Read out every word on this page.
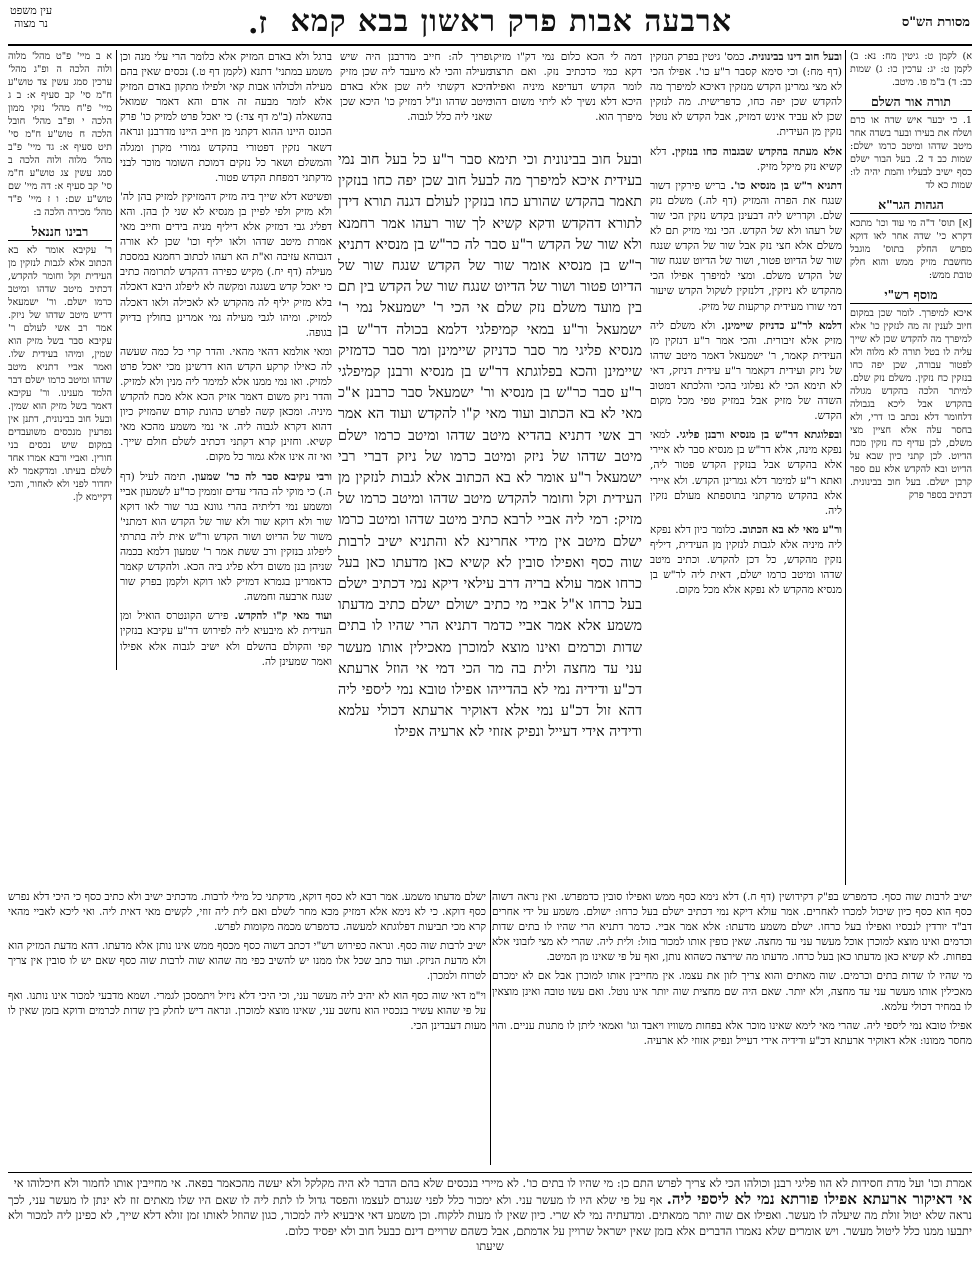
מסורת הש"ס
ארבעה אבות פרק ראשון בבא קמא
ז.
עין משפט
נר מצוה

א) לקמן ט: גיטין מח: נא: ב) לקמן ט: יג: ערכין כו: ג) שמות כב: ד) ב"מ פו. מיטב.

תורה אור השלם

1. כי יבער איש שדה או כרם ושלח את בעירו ובער בשדה אחר מיטב שדהו ומיטב כרמו ישלם: שמות כב ד 2. בעל הבור ישלם כסף ישיב לבעליו והמת יהיה לו: שמות כא לד

הגהות הגר"א

[א] תוס' ד"ה מי עוד וכו' מתכא דקרא כי' שדה אחר לאו דוקא מפרש החלק בתוס' מוגבל מחשבת מזיק ממש והוא חלק טובת ממש:

מוסף רש"י

איכא למיפרך. לומר שכן במקום חיוב לענין זה מה לנזקין כו' אלא למיפרך מה להקדש שכן לא שייך עליה לו בטל תורה לא מלוה ולא לפטור עבורה, שכן יפה כחו בנזקין כח נזקין. משלם נזק שלם. למיתר הלכה בהקדש מגולה בהקדש אבל ליכא בגבולה דלחומר דלא נכתב בו דרי, ולא בחסר עלה אלא חציין מצי משלם, לכן עדיף כח נזקין מכח הדיוט. לכן קתני כיון שבא על הדיוט ובא להקדש אלא עם ספר קרבן ישלם. בעל חוב בבינונית. דכתיב בספר פרק

א ב מיי' פ"ט מהל' מלוה ולוה הלכה ה ופ"ג מהל' ערכין סמג עשין צד טוש"ע ח"מ סי' קב סעיף א: ב ג מיי' פ"ח מהל' נזקי ממון הלכה י ופ"ב מהל' חובל הלכה ח טוש"ע ח"מ סי' תיט סעיף א: גד מיי' פ"ב מהל' מלוה ולוה הלכה ב סמג עשין צג טוש"ע ח"מ סי' קב סעיף א: דה מיי' שם טוש"ע שם: ו ז מיי' פ"ד מהל' מכירה הלכה ב:

רבינו חננאל

ר' עקיבא אומר לא בא הכתוב אלא לגבות לנזקין מן העידית וקל וחומר להקדש, דכתיב מיטב שדהו ומיטב כרמו ישלם. ור' ישמעאל דריש מיטב שדהו של ניזק. אמר רב אשי לעולם ר' עקיבא סבר בשל מזיק הוא שמין, ומיהו בעידית שלו. ואמר אביי דתניא מיטב שדהו ומיטב כרמו ישלם דבר הלמד מענינו. ור' עקיבא דאמר בשל מזיק הוא שמין. ובעל חוב בבינונית, דתנן אין נפרעין מנכסים משועבדים במקום שיש נכסים בני חורין. ואביי ורבא אמרו אחד לשלם בעיתו. ומדקאמר לא יחדור לפני ולא לאחור, והכי דקיימא לן.

ובעל חוב דינו בבינונית. כמס' גיטין בפרק הנזקין (דף מח:) וכי סימא קסבר ר"ע כו'. אפילו הכי לא מצי גמרינן הקדש מנזקין דאיכא למיפרך מה להקדש שכן יפה כחו, כדפרישית. מה לנזקין שכן לא עביד אינש דמזיק, אבל הקדש לא נוטל נזקין מן העידית.

אלא מעתה בהקדש שבגבוה כחו בנזקין. דלא קשיא נזק מיקל מזיק.

דתניא ר"ש בן מנסיא כו'. בריש פירקין דשור שנגח את הפרה והמזיק (דף לה.) משלם נזק שלם. וקדריש ליה דבעינן בקדש נזקין הכי שור של רעהו ולא של הקדש. הכי נמי מזיק תם לא משלם אלא חצי נזק אבל שור של הקדש שנגח שור של הדיוט פטור, ושור של הדיוט שנגח שור של הקדש משלם. ומצי למיפרך אפילו הכי מהקדש לא ניזקין, דלנזקין לשקול הקדש שיעור דמי שורו מעידית קרקעות של מזיק.

דלמא לר"ע כדניזק שיימינן. ולא משלם ליה מזיק אלא זיבורית. והכי אמר ר"ע דנזקין מן העידית קאמר, ר' ישמעאל דאמר מיטב שדהו של ניזק ועידית דקאמר ר"ע עידית דניזק, דאי לא תימא הכי לא נפלוגי בהכי והלכתא דמטוב השדה של מזיק אבל במזיק טפי מכל מקום הקדש.

ובפלוגתא דר"ש בן מנסיא ורבנן פליגי. למאי נפקא מינה, אלא דר"ש בן מנסיא סבר לא איירי אלא בהקדש אבל בנזקין הקדש פטור ליה, ואתא ר"ע למימר דלא גמרינן הקדש. ולא איירי אלא בהקדש מדקתני בתוספתא מעולם נזקין ליה.

ור"ע מאי לא בא הכתוב. כלומר כיון דלא נפקא ליה מיניה אלא לגבות לנזקין מן העידית, דיליף נזקין מהקדש, כל דכן להקדש. וכתיב מיטב שדהו ומיטב כרמו ישלם, דאית ליה לר"ש בן מנסיא מהקדש לא נפקא אלא מכל מקום.

ברגל ולא באדם המזיק אלא כלומר הרי עלי מנה וכן משמע במתני' דתנא (לקמן דף ט.) נכסים שאין בהם מעילה ולכולהו אבות קאי ולפילו מתקון באדם המזיק אלא לומר מבעה זה אדם והא דאמר שמואל בהשאלה (ב"מ דף צד:) כי יאכל פרט למזיק כו' פרק הכונס היינו ההוא דקתני מן חייב היינו מדרבנן ונראה דשאר נזקין דפטורי בהקדש גמורי מקרן ומגלה והמשלם ושאר כל נזקים דמוכת השומר מוכר לבני מדקתני דמפחת הקדש פטור.

ופשיטא דלא שייך ביה מזיק דהמזיקין למזיק בהן לה' ולא מזיק ולפי לפיין בן מנסיא לא שני לן בהן. והא דפליג גבי דמזיק אלא דיליף מניה בידים וחייב מאי אמרת מיטב שדהו ולאו יליף וכו' שכן לא אורה דגבוהא עזיבה וא"ת הא רעהו לכתוב רחמנא במסכת מעילה (דף יח.) מקיש כפירה דהקדש לתרומה כתיב כי יאכל קדש בשגגה ומקשה לא ליפלוג היבא דאכלה בלא מזיק יליף לה מהקדש לא לאכילה ולאו דאכלה למזיק. ומיהו לגבי מעילה נמי אמרינן בחולין בדיוק בגופה.

ומאי אולמא דהאי מהאי. והדר קרי כל כמה שעשה לה כאילו קרקע הקדש הוא דרשינן מכי יאכל פרט למזיק. ואו נמי ממנו אלא למימר ליה מנין ולא למזיק. והדר ניזק משום דאמר אזיק הכא אלא מכח להקדש מיניה. ומכאן קשה לפרש כהונת קודם שהמזיק כיון דהוא דקרא לגבוה ליה. אי נמי משמע מהכא מאי קשיא. וחזינן קרא דקתני דכתיב לשלם חולם שייך. ואי זה אינו אלא גמור כל מקום.

ורבי עקיבא סבר לה כר' שמעון. תימה לעיל (דף ה.) כי מוקי לה בהדי עדים זוממין כר"ע לשמעון אביי ומשמע נמי דליתיה בהרי גוונא בגר שור לאו דוקא שור ולא דוקא שור ולא שור של הקדש הוא דמתני' משור של הדיוט ושור הקדש ור"ש אית ליה בתרתי ליפלוג בנזקין ורב ששת אמר ר' שמעון דלמא בכמה שניהן בנן משום דלא פליג ביה הכא. ולהקדש קאמר כדאמרינן בגמרא דמזיק לאו דוקא ולקמן בפרק שור שנגח ארבעה וחמשה.

ועוד מאי ק"ו להקדש. פירש הקונטרס הואיל ומן העידית לא מיבעיא ליה לפירוש דר"ע עקיבא בנזקין קפי והקולם בהשלם ולא ישיב לגבוה אלא אפילו ואמר שמעינן לה.

דמה לי הכא כלום נמי דק"ו מזיק. דקא כמי כדכתיב נזק. ואם תרצה לומר הקדש דעדיפא מיניה ואפילו היכא דלא נשיך לא ליתי משום דהוי מיפרך הוא.
ופריך לה: חייב מדרבנן היה שיש מעילה והכי לא מיעבד ליה שכן מזיק היכא דקשתי ליה שכן אלא באדם מיטב שדהו ונ"ל דמזיק כו' היכא שכן שאני ליה כלל לגבוה.
ובעל חוב בבינונית וכי תימא סבר ר"ע כל בעל חוב נמי בעידית איכא למיפרך מה לבעל חוב שכן יפה כחו בנזקין תאמר בהקדש שהורע כחו בנזקין לעולם דגנה תורא דידן לתורא דהקדש ודקא קשיא לך שור רעהו אמר רחמנא ולא שור של הקדש ר"ע סבר לה כר"ש בן מנסיא דתניא ר"ש בן מנסיא אומר שור של הקדש שנגח שור של הדיוט פטור ושור של הדיוט שנגח שור של הקדש בין תם בין מועד משלם נזק שלם אי הכי ר' ישמעאל נמי ר' ישמעאל ור"ע במאי קמיפלגי דלמא בכולה דר"ש בן מנסיא פליגי מר סבר כדניזק שיימינן ומר סבר כדמזיק שיימינן והכא בפלוגתא דר"ש בן מנסיא ורבנן קמיפלגי ר"ע סבר כר"ש בן מנסיא ור' ישמעאל סבר כרבנן א"כ מאי לא בא הכתוב ועוד מאי ק"ו להקדש ועוד הא אמר רב אשי דתניא בהדיא מיטב שדהו ומיטב כרמו ישלם מיטב שדהו של ניזק ומיטב כרמו של ניזק דברי רבי ישמעאל ר"ע אומר לא בא הכתוב אלא לגבות לנזקין מן העידית וקל וחומר להקדש מיטב שדהו ומיטב כרמו של מזיק: רמי ליה אביי לרבא כתיב מיטב שדהו ומיטב כרמו ישלם מיטב אין מידי אחרינא לא והתניא ישיב לרבות שוה כסף ואפילו סובין לא קשיא כאן מדעתו כאן בעל כרחו אמר עולא בריה דרב עילאי דיקא נמי דכתיב ישלם בעל כרחו א"ל אביי מי כתיב ישולם ישלם כתיב מדעתו משמע אלא אמר אביי כדמר דתניא הרי שהיו לו בתים שדות וכרמים ואינו מוצא למוכרן מאכילין אותו מעשר עני עד מחצה ולית בה מר הכי דמי אי הוזל ארעתא דכ"ע ודידיה נמי לא בהדייהו אפילו טובא נמי ליספי ליה דהא זול דכ"ע נמי אלא דאוקיר ארעתא דכולי עלמא ודידיה אידי דעייל ונפיק אזוזי לא ארעיה אפילו

ישיב לרבות שוה כסף. כדמפרש בפ"ק דקידושין (דף ח.) דלא נימא כסף ממש ואפילו סובין כדמפרש. ואין נראה דשוה כסף הוא כסף כיון שיכול למכרו לאחרים. אמר עולא דיקא נמי דכתיב ישלם בעל כרחו: ישולם. משמע על ידי אחרים דב"ד יורדין לנכסיו ואפילו בעל כרחו. ישלם משמע מדעתו: אלא אמר אביי. כדמר דתניא הרי שהיו לו בתים שדות וכרמים ואינו מוצא למוכרן אוכל מעשר עני עד מחצה. שאין כופין אותו למכור בזול: ולית ליה. שהרי לא מצי לזבוני אלא בפחות. לא קשיא כאן מדעתו כאן בעל כרחו. מדעתו מה שירצה כשהוא נותן, ואף על פי שאינו מן המיטב.

מי שהיו לו שדות בתים וכרמים. שוה מאתים והוא צריך לזון את עצמו. אין מחייבין אותו למוכרן אבל אם לא ימכרם מאכילין אותו מעשר עני עד מחצה, ולא יותר. שאם היה שם מחצית שוה יותר אינו נוטל. ואם עשו טובה ואינן מוצאין לו במחיר דכולי עלמא.

אפילו טובא נמי ליספי ליה. שהרי מאי לימא שאינו מוכר אלא בפחות משוויו ויאבד וגו' ואמאי ליתן לו מתנות עניים. והוי מחסר ממונו: אלא דאוקיר ארעתא דכ"ע ודידיה אידי דעייל ונפיק אזוזי לא ארעיה.

ישלם מדעתו משמע. אמר רבא לא כסף דוקא, מדקתני כל מילי לרבות. מדכתיב ישיב ולא כתיב כסף כי היכי דלא נפרש כסף דוקא. כי לא נימא אלא דמזיק מכא מחר לשלם ואם לית ליה זוזי, לקשים מאי דאית ליה. ואי ליכא לאביי מהאי קרא מכי תביעות דפלוגתא למעשה. כדמפרש מכמה מקומות לפרש.

ישיב לרבות שוה כסף. ונראה כפירוש רש"י דכתב דשוה כסף מכסף ממש אינו נותן אלא מדעתו. דהא מדעת המזיק הוא ולא מדעת הניזק. ועוד כתב שכל אלו ממנו יש להשיב כפי מה שהוא שוה לרבות שוה כסף שאם יש לו סובין אין צריך לטרוח ולמכרן.

וי"מ דאי שוה כסף הוא לא יהיב ליה מעשר עני, וכי היכי דלא ניזיל ויתמסכן לגמרי. ושמא מדבעי למכור אינו נותנו. ואף על פי שהוא עשיר בנכסיו הוא נחשב עני, שאינו מוצא למוכרן. ונראה דיש לחלק בין שדות לכרמים ודוקא בזמן שאין לו מעות דעבדינן הכי.

אמרת וכו' ועל מדת חסידות לא הוו פליגי רבנן וכולהו הכי לא צריך לפרש התם כן: מי שהיו לו בתים כו'. לא מיירי בנכסים שלא בהם הדבר לא היה מקלקל ולא יעשה מהכאמר בפאה. אי מחייבין אותו לחמור ולא חיכלוהו אי
אי דאיקור ארעתא אפילו פורתא נמי לא ליספי ליה. אף על פי שלא היו לו מעשר עני. ולא ימכור כלל לפני שנגרם לעצמו והפסד גדול לו לתת ליה לו שאם היו שלו מאתים זוז לא ינתן לו מעשר עני, לכך נראה שלא יטול זולת מה שיעלה לו מעשר. ואפילו אם שוה יותר ממאתים. ומדעתיה נמי לא שרי. כיון שאין לו מעות ללקוח. וכן משמע דאי איבעיא ליה למכור, כגון שהוזל לאותו זמן זולא דלא שייך, לא כפינן ליה למכור ולא יתבעו ממנו כלל ליטול מעשר. ויש אומרים שלא נאמרו הדברים אלא בזמן שאין ישראל שרויין על אדמתם, אבל כשהם שרויים דינם כבעל חוב ולא יפסיד כלום.
שיעתו
